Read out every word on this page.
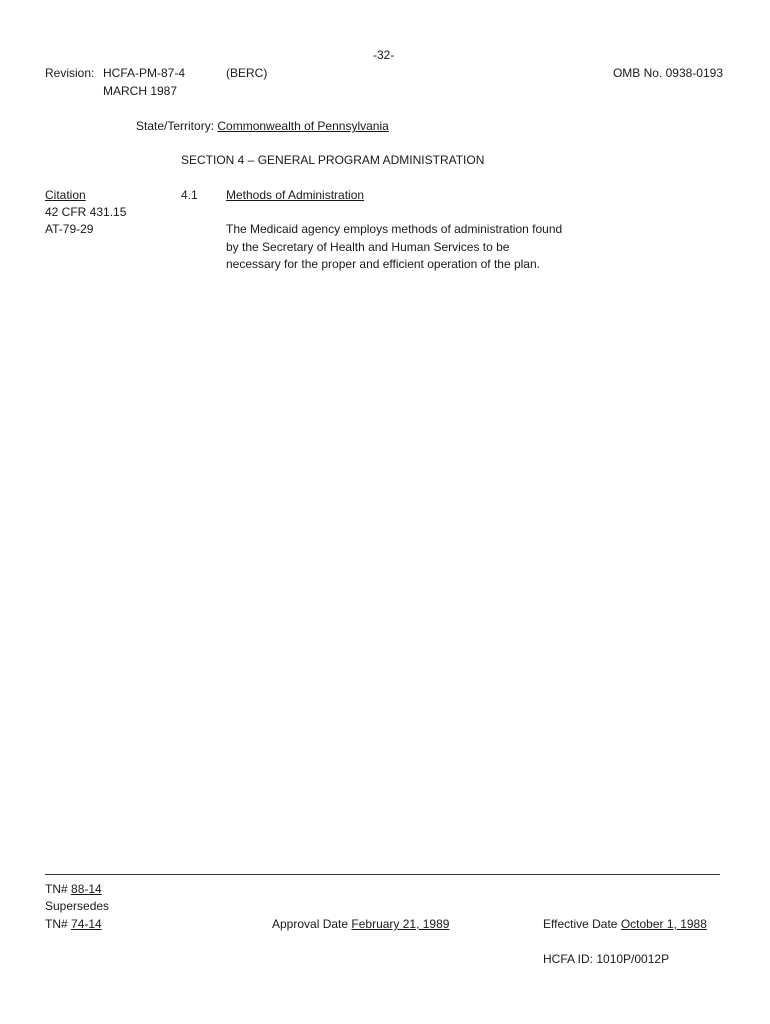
-32-
Revision: HCFA-PM-87-4
MARCH 1987
(BERC)	OMB No. 0938-0193
State/Territory: Commonwealth of Pennsylvania
SECTION 4 – GENERAL PROGRAM ADMINISTRATION
Citation
42 CFR 431.15
AT-79-29
4.1 Methods of Administration
The Medicaid agency employs methods of administration found by the Secretary of Health and Human Services to be necessary for the proper and efficient operation of the plan.
TN# 88-14
Supersedes
TN# 74-14	Approval Date February 21, 1989	Effective Date October 1, 1988
HCFA ID: 1010P/0012P
